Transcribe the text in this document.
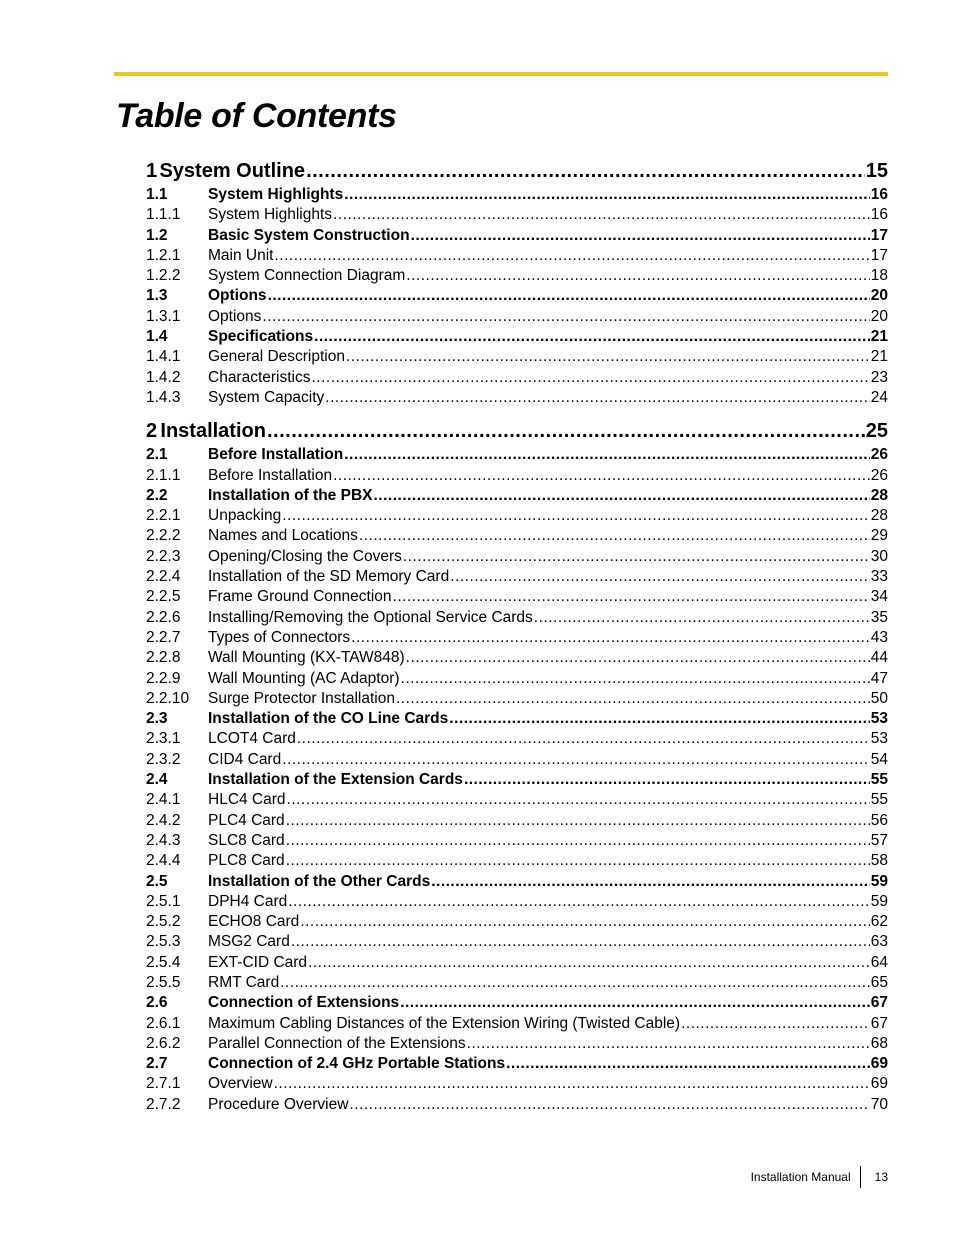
Table of Contents
1 System Outline .....	15
1.1	System Highlights .....	16
1.1.1	System Highlights .....	16
1.2	Basic System Construction .....	17
1.2.1	Main Unit .....	17
1.2.2	System Connection Diagram .....	18
1.3	Options .....	20
1.3.1	Options .....	20
1.4	Specifications .....	21
1.4.1	General Description .....	21
1.4.2	Characteristics .....	23
1.4.3	System Capacity .....	24
2 Installation .....	25
2.1	Before Installation .....	26
2.1.1	Before Installation .....	26
2.2	Installation of the PBX .....	28
2.2.1	Unpacking .....	28
2.2.2	Names and Locations .....	29
2.2.3	Opening/Closing the Covers .....	30
2.2.4	Installation of the SD Memory Card .....	33
2.2.5	Frame Ground Connection .....	34
2.2.6	Installing/Removing the Optional Service Cards .....	35
2.2.7	Types of Connectors .....	43
2.2.8	Wall Mounting (KX-TAW848) .....	44
2.2.9	Wall Mounting (AC Adaptor) .....	47
2.2.10	Surge Protector Installation .....	50
2.3	Installation of the CO Line Cards .....	53
2.3.1	LCOT4 Card .....	53
2.3.2	CID4 Card .....	54
2.4	Installation of the Extension Cards .....	55
2.4.1	HLC4 Card .....	55
2.4.2	PLC4 Card .....	56
2.4.3	SLC8 Card .....	57
2.4.4	PLC8 Card .....	58
2.5	Installation of the Other Cards .....	59
2.5.1	DPH4 Card .....	59
2.5.2	ECHO8 Card .....	62
2.5.3	MSG2 Card .....	63
2.5.4	EXT-CID Card .....	64
2.5.5	RMT Card .....	65
2.6	Connection of Extensions .....	67
2.6.1	Maximum Cabling Distances of the Extension Wiring (Twisted Cable) .....	67
2.6.2	Parallel Connection of the Extensions .....	68
2.7	Connection of 2.4 GHz Portable Stations .....	69
2.7.1	Overview .....	69
2.7.2	Procedure Overview .....	70
Installation Manual 13
